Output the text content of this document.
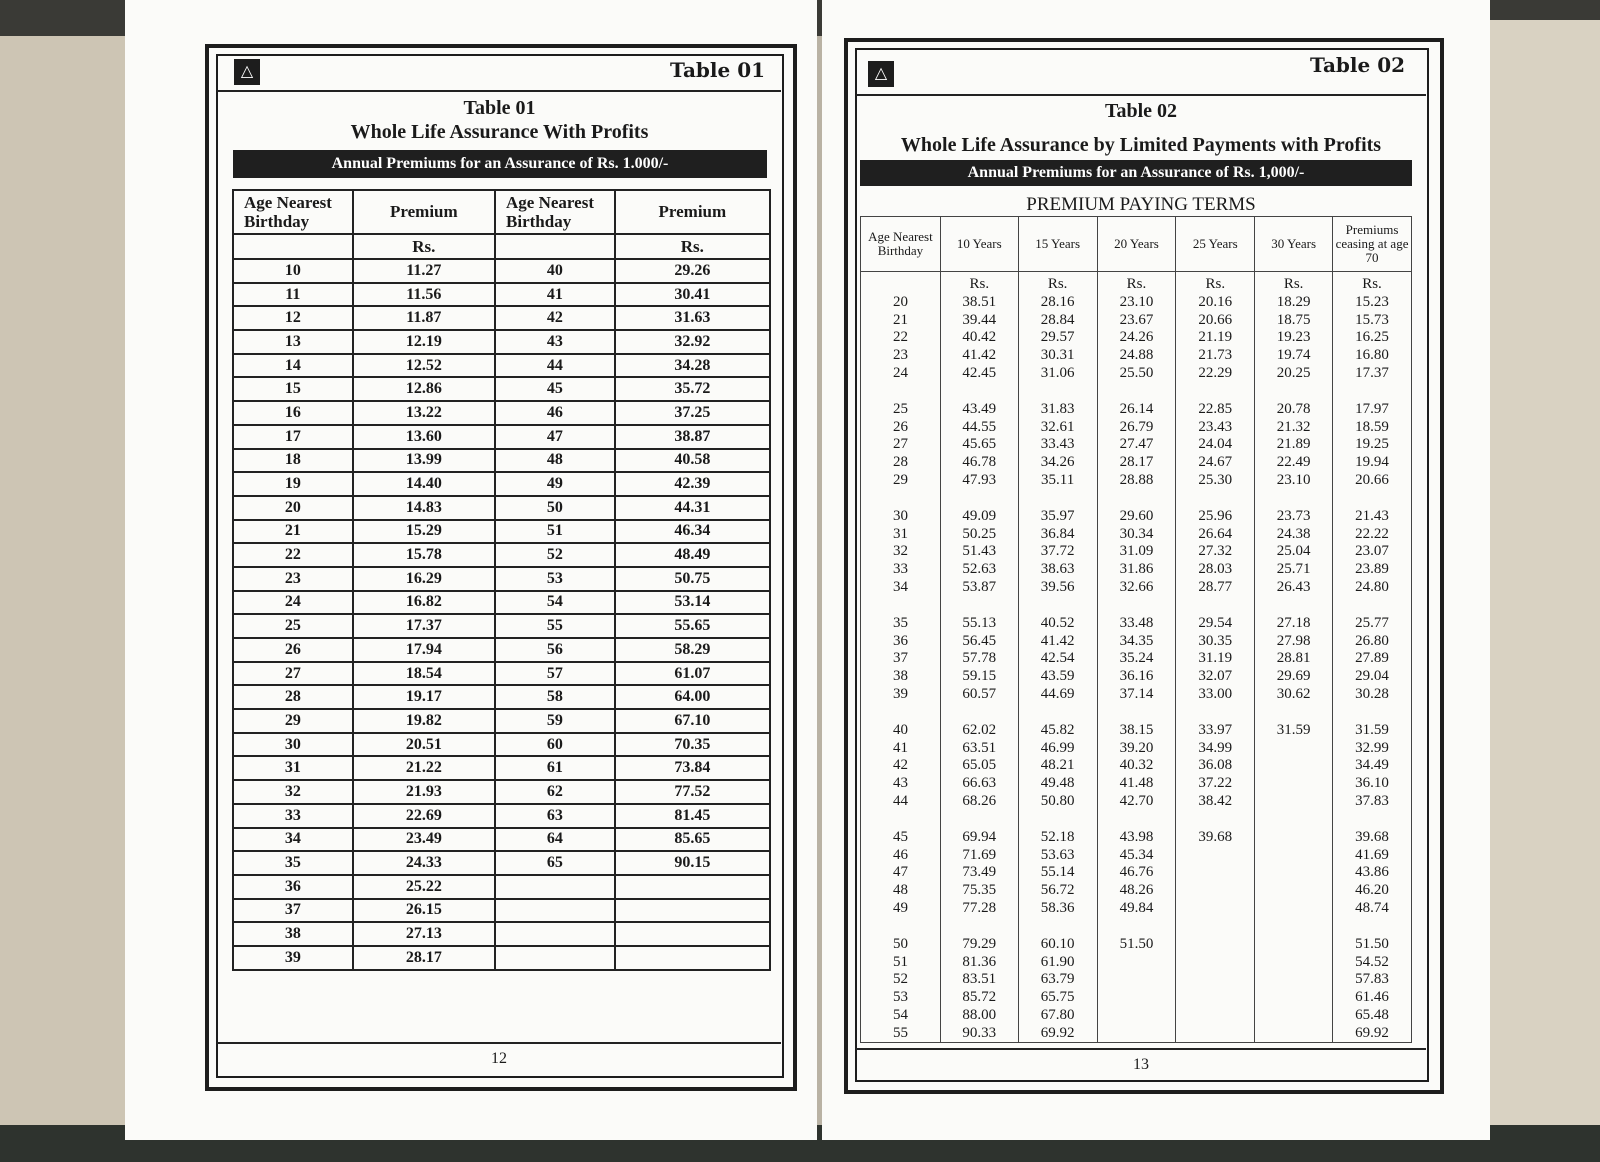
△	Table 01
Table 01
Whole Life Assurance With Profits
Annual Premiums for an Assurance of Rs. 1.000/-
Age Nearest Birthday	Premium	Age Nearest Birthday	Premium
	Rs.		Rs.
10	11.27	40	29.26
11	11.56	41	30.41
12	11.87	42	31.63
13	12.19	43	32.92
14	12.52	44	34.28
15	12.86	45	35.72
16	13.22	46	37.25
17	13.60	47	38.87
18	13.99	48	40.58
19	14.40	49	42.39
20	14.83	50	44.31
21	15.29	51	46.34
22	15.78	52	48.49
23	16.29	53	50.75
24	16.82	54	53.14
25	17.37	55	55.65
26	17.94	56	58.29
27	18.54	57	61.07
28	19.17	58	64.00
29	19.82	59	67.10
30	20.51	60	70.35
31	21.22	61	73.84
32	21.93	62	77.52
33	22.69	63	81.45
34	23.49	64	85.65
35	24.33	65	90.15
36	25.22		
37	26.15		
38	27.13		
39	28.17		
12
△	Table 02
Table 02
Whole Life Assurance by Limited Payments with Profits
Annual Premiums for an Assurance of Rs. 1,000/-
PREMIUM PAYING TERMS
Age Nearest Birthday	10 Years	15 Years	20 Years	25 Years	30 Years	Premiums ceasing at age 70
	Rs.	Rs.	Rs.	Rs.	Rs.	Rs.
20	38.51	28.16	23.10	20.16	18.29	15.23
21	39.44	28.84	23.67	20.66	18.75	15.73
22	40.42	29.57	24.26	21.19	19.23	16.25
23	41.42	30.31	24.88	21.73	19.74	16.80
24	42.45	31.06	25.50	22.29	20.25	17.37
25	43.49	31.83	26.14	22.85	20.78	17.97
26	44.55	32.61	26.79	23.43	21.32	18.59
27	45.65	33.43	27.47	24.04	21.89	19.25
28	46.78	34.26	28.17	24.67	22.49	19.94
29	47.93	35.11	28.88	25.30	23.10	20.66
30	49.09	35.97	29.60	25.96	23.73	21.43
31	50.25	36.84	30.34	26.64	24.38	22.22
32	51.43	37.72	31.09	27.32	25.04	23.07
33	52.63	38.63	31.86	28.03	25.71	23.89
34	53.87	39.56	32.66	28.77	26.43	24.80
35	55.13	40.52	33.48	29.54	27.18	25.77
36	56.45	41.42	34.35	30.35	27.98	26.80
37	57.78	42.54	35.24	31.19	28.81	27.89
38	59.15	43.59	36.16	32.07	29.69	29.04
39	60.57	44.69	37.14	33.00	30.62	30.28
40	62.02	45.82	38.15	33.97	31.59	31.59
41	63.51	46.99	39.20	34.99		32.99
42	65.05	48.21	40.32	36.08		34.49
43	66.63	49.48	41.48	37.22		36.10
44	68.26	50.80	42.70	38.42		37.83
45	69.94	52.18	43.98	39.68		39.68
46	71.69	53.63	45.34			41.69
47	73.49	55.14	46.76			43.86
48	75.35	56.72	48.26			46.20
49	77.28	58.36	49.84			48.74
50	79.29	60.10	51.50			51.50
51	81.36	61.90				54.52
52	83.51	63.79				57.83
53	85.72	65.75				61.46
54	88.00	67.80				65.48
55	90.33	69.92				69.92
13
